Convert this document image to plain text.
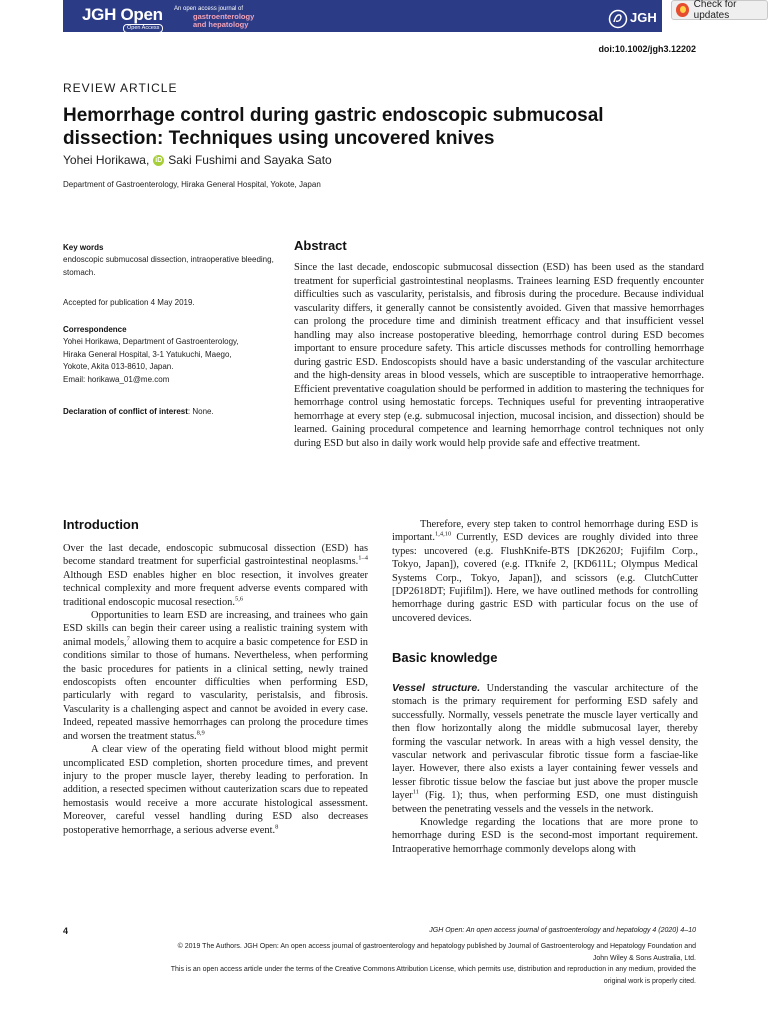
JGH Open
Open Access
An open access journal of
gastroenterology
and hepatology	JGH
Check for updates
doi:10.1002/jgh3.12202
REVIEW ARTICLE
Hemorrhage control during gastric endoscopic submucosal dissection: Techniques using uncovered knives
Yohei Horikawa, iD Saki Fushimi and Sayaka Sato
Department of Gastroenterology, Hiraka General Hospital, Yokote, Japan
Key words
endoscopic submucosal dissection, intraoperative bleeding, stomach.
Accepted for publication 4 May 2019.
Correspondence
Yohei Horikawa, Department of Gastroenterology,
Hiraka General Hospital, 3-1 Yatukuchi, Maego,
Yokote, Akita 013-8610, Japan.
Email: horikawa_01@me.com
Declaration of conflict of interest: None.
Abstract
Since the last decade, endoscopic submucosal dissection (ESD) has been used as the standard treatment for superficial gastrointestinal neoplasms. Trainees learning ESD frequently encounter difficulties such as vascularity, peristalsis, and fibrosis during the procedure. Because individual vascularity differs, it generally cannot be consistently avoided. Given that massive hemorrhages can prolong the procedure time and diminish treatment efficacy and that insufficient vessel handling may also increase postoperative bleeding, hemorrhage control during ESD becomes important to ensure procedure safety. This article discusses methods for controlling hemorrhage during gastric ESD. Endoscopists should have a basic understanding of the vascular architecture and the high-density areas in blood vessels, which are susceptible to intraoperative hemorrhage. Efficient preventative coagulation should be performed in addition to mastering the techniques for hemorrhage control using hemostatic forceps. Techniques useful for preventing intraoperative hemorrhage at every step (e.g. submucosal injection, mucosal incision, and dissection) should be learned. Gaining procedural competence and learning hemorrhage control techniques not only during ESD but also in daily work would help provide safe and effective treatment.
Introduction

Over the last decade, endoscopic submucosal dissection (ESD) has become standard treatment for superficial gastrointestinal neoplasms.$^{1-4}$ Although ESD enables higher en bloc resection, it involves greater technical complexity and more frequent adverse events compared with traditional endoscopic mucosal resection.$^{5,6}$

Opportunities to learn ESD are increasing, and trainees who gain ESD skills can begin their career using a realistic training system with animal models,$^7$ allowing them to acquire a basic competence for ESD in conditions similar to those of humans. Nevertheless, when performing the basic procedures for patients in a clinical setting, newly trained endoscopists often encounter difficulties when performing ESD, particularly with regard to vascularity, peristalsis, and fibrosis. Vascularity is a challenging aspect and cannot be avoided in every case. Indeed, repeated massive hemorrhages can prolong the procedure times and worsen the treatment status.$^{8,9}$

A clear view of the operating field without blood might permit uncomplicated ESD completion, shorten procedure times, and prevent injury to the proper muscle layer, thereby leading to perforation. In addition, a resected specimen without cauterization scars due to repeated hemostasis would receive a more accurate histological assessment. Moreover, careful vessel handling during ESD also decreases postoperative hemorrhage, a serious adverse event.$^8$

Therefore, every step taken to control hemorrhage during ESD is important.$^{1,4,10}$ Currently, ESD devices are roughly divided into three types: uncovered (e.g. FlushKnife-BTS [DK2620J; Fujifilm Corp., Tokyo, Japan]), covered (e.g. ITknife 2, [KD611L; Olympus Medical Systems Corp., Tokyo, Japan]), and scissors (e.g. ClutchCutter [DP2618DT; Fujifilm]). Here, we have outlined methods for controlling hemorrhage during gastric ESD with particular focus on the use of uncovered devices.

Basic knowledge

Vessel structure. Understanding the vascular architecture of the stomach is the primary requirement for performing ESD safely and successfully. Normally, vessels penetrate the muscle layer vertically and then flow horizontally along the middle submucosal layer, thereby forming the vascular network. In areas with a high vessel density, the vascular network and perivascular fibrotic tissue form a fasciae-like layer. However, there also exists a layer containing fewer vessels and lesser fibrotic tissue below the fasciae but just above the proper muscle layer$^{11}$ (Fig. 1); thus, when performing ESD, one must distinguish between the penetrating vessels and the vessels in the network.

Knowledge regarding the locations that are more prone to hemorrhage during ESD is the second-most important requirement. Intraoperative hemorrhage commonly develops along with

4	JGH Open: An open access journal of gastroenterology and hepatology 4 (2020) 4–10
© 2019 The Authors. JGH Open: An open access journal of gastroenterology and hepatology published by Journal of Gastroenterology and Hepatology Foundation and
John Wiley & Sons Australia, Ltd.
This is an open access article under the terms of the Creative Commons Attribution License, which permits use, distribution and reproduction in any medium, provided the
original work is properly cited.
